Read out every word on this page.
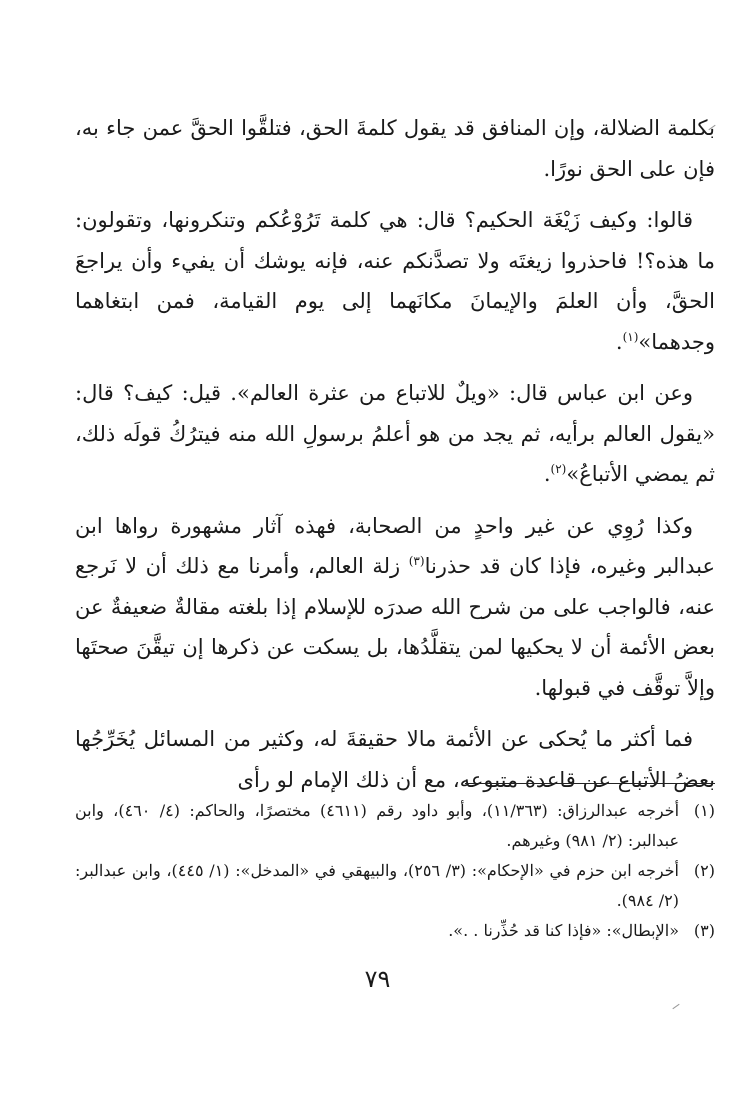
بكلمة الضلالة، وإن المنافق قد يقول كلمةَ الحق، فتلقَّوا الحقَّ عمن جاء به، فإن على الحق نورًا.

قالوا: وكيف زَيْغَة الحكيم؟ قال: هي كلمة تَرُوْعُكم وتنكرونها، وتقولون: ما هذه؟! فاحذروا زيغتَه ولا تصدَّنكم عنه، فإنه يوشك أن يفيء وأن يراجعَ الحقَّ، وأن العلمَ والإيمانَ مكانَهما إلى يوم القيامة، فمن ابتغاهما وجدهما»$^{(١)}$.

وعن ابن عباس قال: «ويلٌ للاتباع من عثرة العالم». قيل: كيف؟ قال: «يقول العالم برأيه، ثم يجد من هو أعلمُ برسولِ الله منه فيترُكُ قولَه ذلك، ثم يمضي الأتباعُ»$^{(٢)}$.

وكذا رُوِي عن غير واحدٍ من الصحابة، فهذه آثار مشهورة رواها ابن عبدالبر وغيره، فإذا كان قد حذرنا$^{(٣)}$ زلة العالم، وأمرنا مع ذلك أن لا نَرجع عنه، فالواجب على من شرح الله صدرَه للإسلام إذا بلغته مقالةٌ ضعيفةٌ عن بعض الأئمة أن لا يحكيها لمن يتقلَّدُها، بل يسكت عن ذكرها إن تيقَّنَ صحتَها وإلاَّ توقَّف في قبولها.

فما أكثر ما يُحكى عن الأئمة مالا حقيقةَ له، وكثير من المسائل يُخَرِّجُها بعضُ الأتباع عن قاعدة متبوعه، مع أن ذلك الإمام لو رأى

(١)
أخرجه عبدالرزاق: (١١/٣٦٣)، وأبو داود رقم (٤٦١١) مختصرًا، والحاكم: (٤/ ٤٦٠)، وابن عبدالبر: (٢/ ٩٨١) وغيرهم.
(٢)
أخرجه ابن حزم في «الإحكام»: (٣/ ٢٥٦)، والبيهقي في «المدخل»: (١/ ٤٤٥)، وابن عبدالبر: (٢/ ٩٨٤).
(٣)
«الإبطال»: «فإذا كنا قد حُذِّرنا . .».
٧٩
